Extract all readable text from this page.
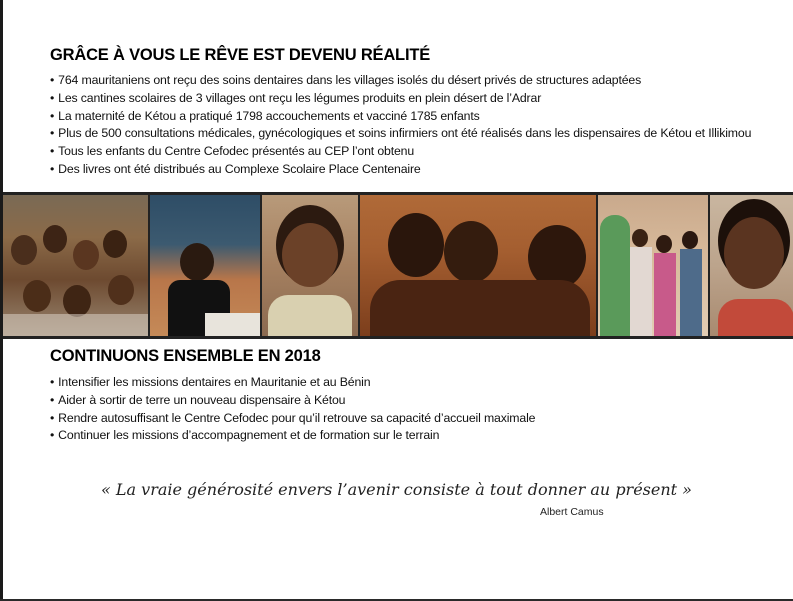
GRÂCE À VOUS LE RÊVE EST DEVENU RÉALITÉ
• 764 mauritaniens ont reçu des soins dentaires dans les villages isolés du désert privés de structures adaptées
• Les cantines scolaires de 3 villages ont reçu les légumes produits en plein désert de l’Adrar
• La maternité de Kétou a pratiqué 1798 accouchements et vacciné 1785 enfants
• Plus de 500 consultations médicales, gynécologiques et soins infirmiers ont été réalisés dans les dispensaires de Kétou et Illikimou
• Tous les enfants du Centre Cefodec présentés au CEP l’ont obtenu
• Des livres ont été distribués au Complexe Scolaire Place Centenaire
CONTINUONS ENSEMBLE EN 2018
• Intensifier les missions dentaires en Mauritanie et au Bénin
• Aider à sortir de terre un nouveau dispensaire à Kétou
• Rendre autosuffisant le Centre Cefodec pour qu’il retrouve sa capacité d’accueil maximale
• Continuer les missions d’accompagnement et de formation sur le terrain
« La vraie générosité envers l’avenir consiste à tout donner au présent »
Albert Camus
